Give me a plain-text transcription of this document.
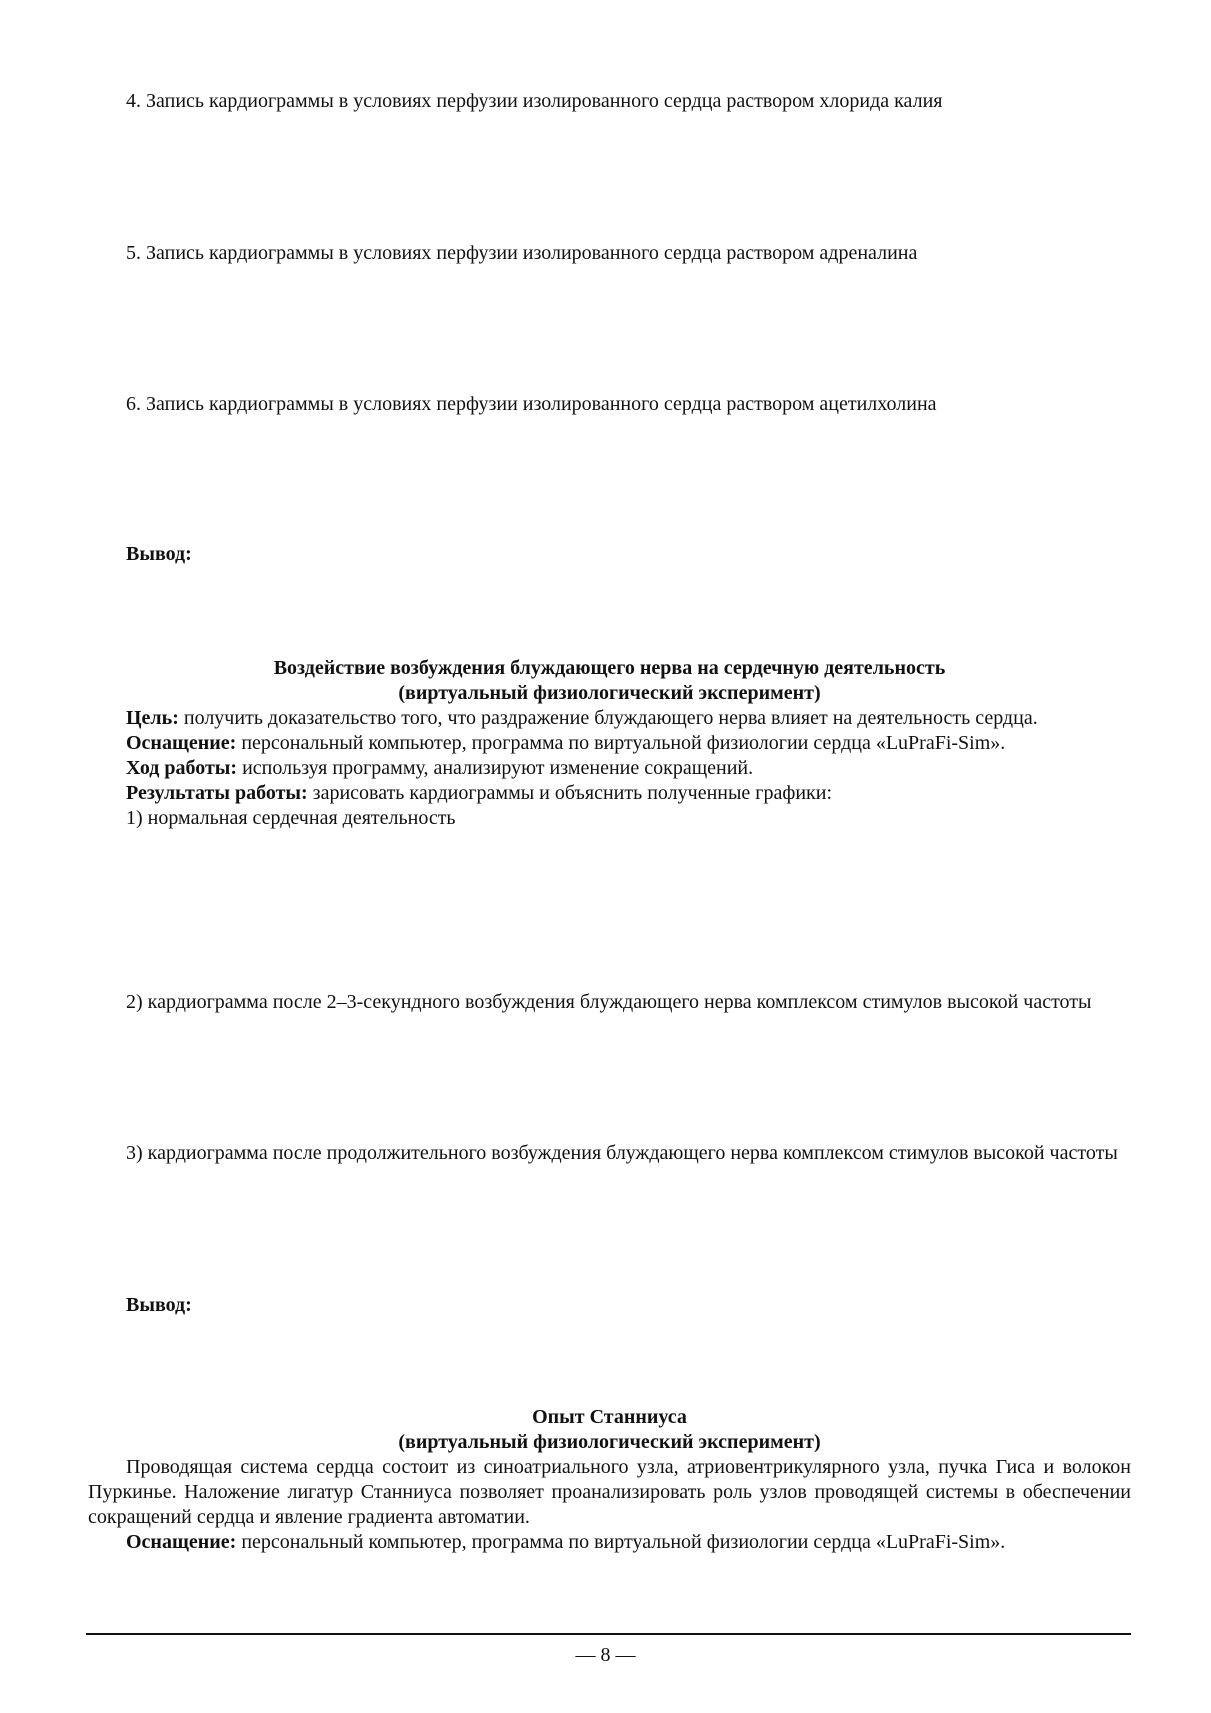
4. Запись кардиограммы в условиях перфузии изолированного сердца раствором хлорида калия

5. Запись кардиограммы в условиях перфузии изолированного сердца раствором адреналина

6. Запись кардиограммы в условиях перфузии изолированного сердца раствором ацетилхолина

Вывод:

Воздействие возбуждения блуждающего нерва на сердечную деятельность

(виртуальный физиологический эксперимент)

Цель: получить доказательство того, что раздражение блуждающего нерва влияет на деятельность сердца.

Оснащение: персональный компьютер, программа по виртуальной физиологии сердца «LuPraFi-Sim».

Ход работы: используя программу, анализируют изменение сокращений.

Результаты работы: зарисовать кардиограммы и объяснить полученные графики:

1) нормальная сердечная деятельность

2) кардиограмма после 2–3-секундного возбуждения блуждающего нерва комплексом стимулов высокой частоты

3) кардиограмма после продолжительного возбуждения блуждающего нерва комплексом стимулов высокой частоты

Вывод:

Опыт Станниуса

(виртуальный физиологический эксперимент)

Проводящая система сердца состоит из синоатриального узла, атриовентрикулярного узла, пучка Гиса и волокон Пуркинье. Наложение лигатур Станниуса позволяет проанализировать роль узлов проводящей системы в обеспечении сокращений сердца и явление градиента автоматии.

Оснащение: персональный компьютер, программа по виртуальной физиологии сердца «LuPraFi-Sim».

— 8 —
